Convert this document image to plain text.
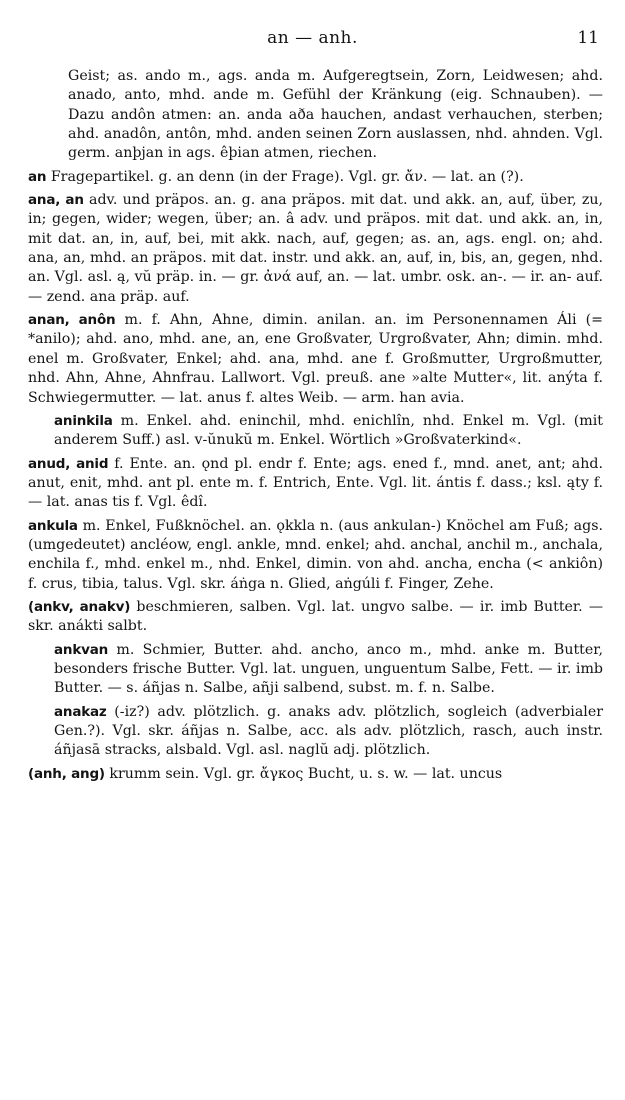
an — anh.	11

Geist; as. ando m., ags. anda m. Aufgeregtsein, Zorn, Leidwesen; ahd. anado, anto, mhd. ande m. Gefühl der Kränkung (eig. Schnauben). — Dazu andôn atmen: an. anda aða hauchen, andast verhauchen, sterben; ahd. anadôn, antôn, mhd. anden seinen Zorn auslassen, nhd. ahnden. Vgl. germ. anþjan in ags. êþian atmen, riechen.

an Fragepartikel. g. an denn (in der Frage). Vgl. gr. ἄν. — lat. an (?).

ana, an adv. und präpos. an. g. ana präpos. mit dat. und akk. an, auf, über, zu, in; gegen, wider; wegen, über; an. â adv. und präpos. mit dat. und akk. an, in, mit dat. an, in, auf, bei, mit akk. nach, auf, gegen; as. an, ags. engl. on; ahd. ana, an, mhd. an präpos. mit dat. instr. und akk. an, auf, in, bis, an, gegen, nhd. an. Vgl. asl. ą, vŭ präp. in. — gr. ἀνά auf, an. — lat. umbr. osk. an-. — ir. an- auf. — zend. ana präp. auf.

anan, anôn m. f. Ahn, Ahne, dimin. anilan. an. im Personennamen Áli (= *anilo); ahd. ano, mhd. ane, an, ene Großvater, Urgroßvater, Ahn; dimin. mhd. enel m. Großvater, Enkel; ahd. ana, mhd. ane f. Großmutter, Urgroßmutter, nhd. Ahn, Ahne, Ahnfrau. Lallwort. Vgl. preuß. ane »alte Mutter«, lit. anýta f. Schwiegermutter. — lat. anus f. altes Weib. — arm. han avia.

aninkila m. Enkel. ahd. eninchil, mhd. enichlîn, nhd. Enkel m. Vgl. (mit anderem Suff.) asl. v-ŭnukŭ m. Enkel. Wörtlich »Großvaterkind«.

anud, anid f. Ente. an. ǫnd pl. endr f. Ente; ags. ened f., mnd. anet, ant; ahd. anut, enit, mhd. ant pl. ente m. f. Entrich, Ente. Vgl. lit. ántis f. dass.; ksl. ąty f. — lat. anas tis f. Vgl. êdî.

ankula m. Enkel, Fußknöchel. an. ǫkkla n. (aus ankulan-) Knöchel am Fuß; ags. (umgedeutet) ancléow, engl. ankle, mnd. enkel; ahd. anchal, anchil m., anchala, enchila f., mhd. enkel m., nhd. Enkel, dimin. von ahd. ancha, encha (< ankiôn) f. crus, tibia, talus. Vgl. skr. áṅga n. Glied, aṅgúli f. Finger, Zehe.

(ankv, anakv) beschmieren, salben. Vgl. lat. ungvo salbe. — ir. imb Butter. — skr. anákti salbt.

ankvan m. Schmier, Butter. ahd. ancho, anco m., mhd. anke m. Butter, besonders frische Butter. Vgl. lat. unguen, unguentum Salbe, Fett. — ir. imb Butter. — s. áñjas n. Salbe, añji salbend, subst. m. f. n. Salbe.

anakaz (-iz?) adv. plötzlich. g. anaks adv. plötzlich, sogleich (adverbialer Gen.?). Vgl. skr. áñjas n. Salbe, acc. als adv. plötzlich, rasch, auch instr. áñjasā stracks, alsbald. Vgl. asl. naglŭ adj. plötzlich.

(anh, ang) krumm sein. Vgl. gr. ἄγκος Bucht, u. s. w. — lat. uncus
